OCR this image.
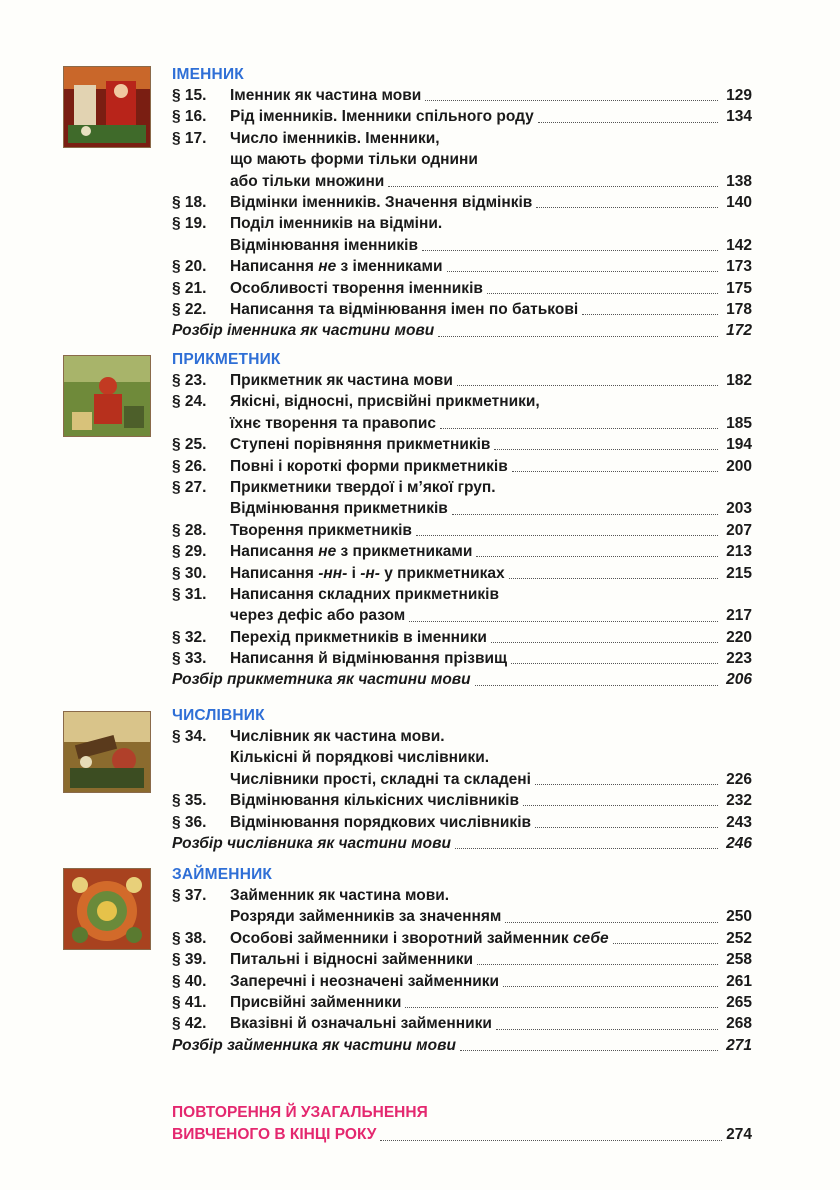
ІМЕННИК
§ 15.	Іменник як частина мови	129
§ 16.	Рід іменників. Іменники спільного роду	134
§ 17.	Число іменників. Іменники,
що мають форми тільки однини
або тільки множини	138
§ 18.	Відмінки іменників. Значення відмінків	140
§ 19.	Поділ іменників на відміни.
Відмінювання іменників	142
§ 20.	Написання не з іменниками	173
§ 21.	Особливості творення іменників	175
§ 22.	Написання та відмінювання імен по батькові	178
Розбір іменника як частини мови	172
ПРИКМЕТНИК
§ 23.	Прикметник як частина мови	182
§ 24.	Якісні, відносні, присвійні прикметники,
їхнє творення та правопис	185
§ 25.	Ступені порівняння прикметників	194
§ 26.	Повні і короткі форми прикметників	200
§ 27.	Прикметники твердої і м’якої груп.
Відмінювання прикметників	203
§ 28.	Творення прикметників	207
§ 29.	Написання не з прикметниками	213
§ 30.	Написання -нн- і -н- у прикметниках	215
§ 31.	Написання складних прикметників
через дефіс або разом	217
§ 32.	Перехід прикметників в іменники	220
§ 33.	Написання й відмінювання прізвищ	223
Розбір прикметника як частини мови	206
ЧИСЛІВНИК
§ 34.	Числівник як частина мови.
Кількісні й порядкові числівники.
Числівники прості, складні та складені	226
§ 35.	Відмінювання кількісних числівників	232
§ 36.	Відмінювання порядкових числівників	243
Розбір числівника як частини мови	246
ЗАЙМЕННИК
§ 37.	Займенник як частина мови.
Розряди займенників за значенням	250
§ 38.	Особові займенники і зворотний займенник себе	252
§ 39.	Питальні і відносні займенники	258
§ 40.	Заперечні і неозначені займенники	261
§ 41.	Присвійні займенники	265
§ 42.	Вказівні й означальні займенники	268
Розбір займенника як частини мови	271
ПОВТОРЕННЯ Й УЗАГАЛЬНЕННЯ
ВИВЧЕНОГО В КІНЦІ РОКУ	274
